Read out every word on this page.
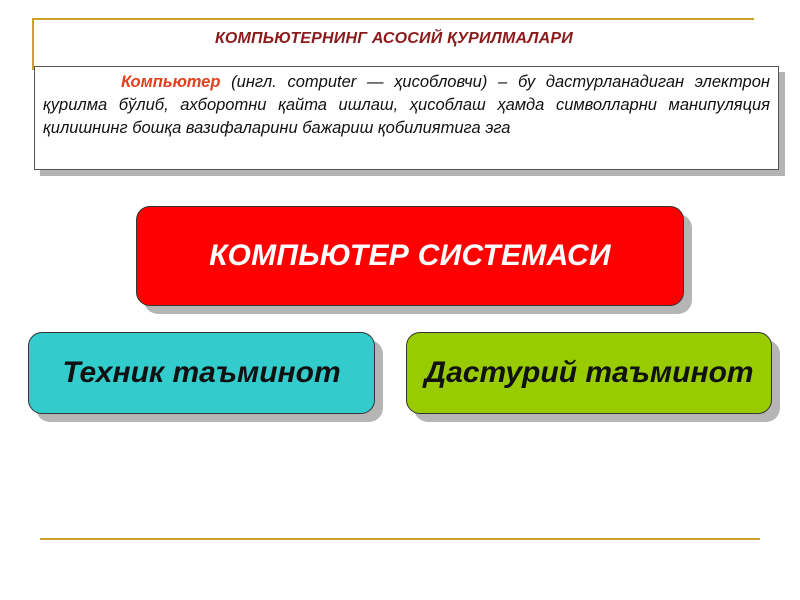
КОМПЬЮТЕРНИНГ АСОСИЙ ҚУРИЛМАЛАРИ
Компьютер (ингл. computer — ҳисобловчи) – бу дастурланадиган электрон қурилма бўлиб, ахборотни қайта ишлаш, ҳисоблаш ҳамда символларни манипуляция қилишнинг бошқа вазифаларини бажариш қобилиятига эга
КОМПЬЮТЕР СИСТЕМАСИ
Техник таъминот	Дастурий таъминот
